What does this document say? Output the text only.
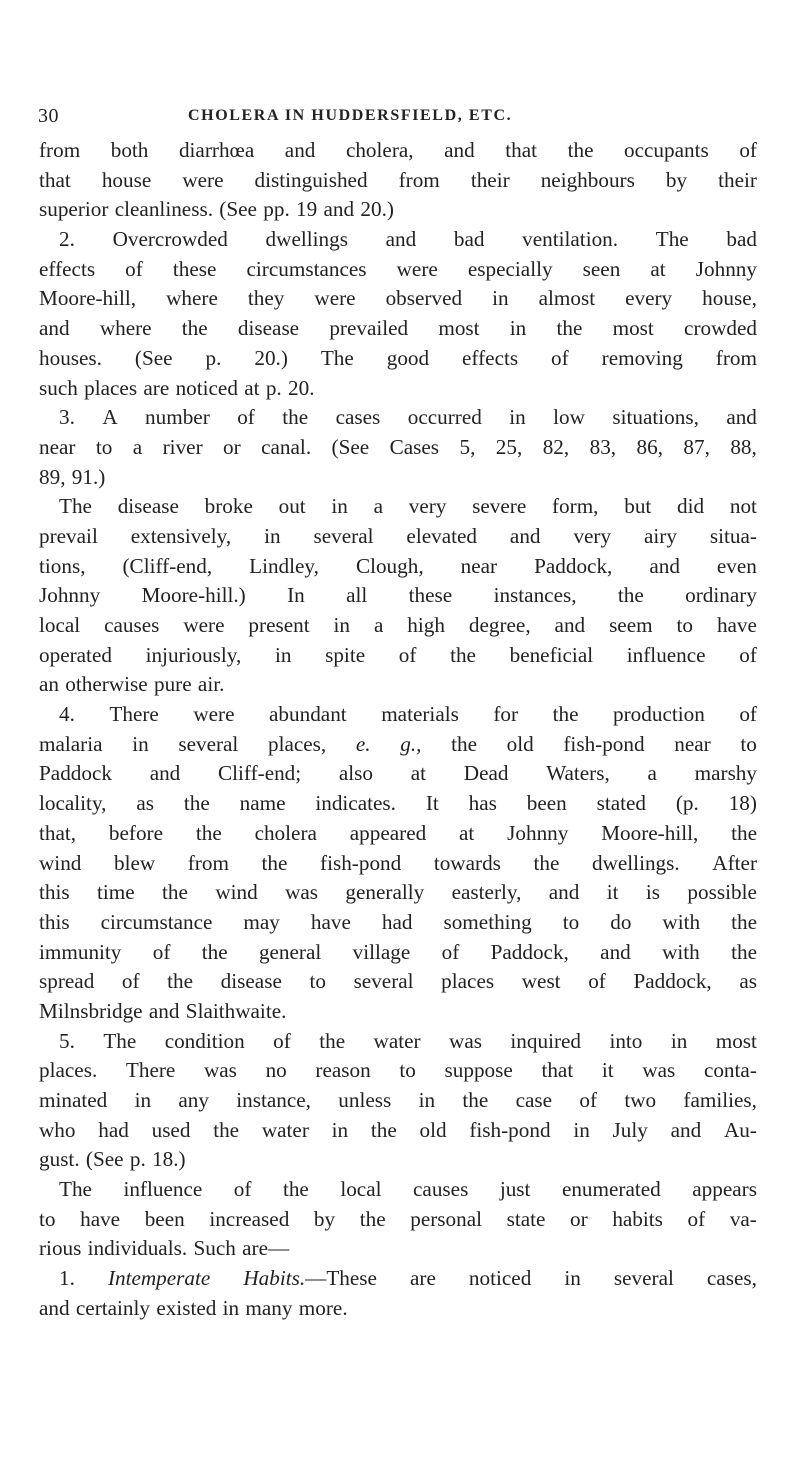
30	CHOLERA IN HUDDERSFIELD, ETC.
from both diarrhœa and cholera, and that the occupants of
that house were distinguished from their neighbours by their
superior cleanliness. (See pp. 19 and 20.)
2. Overcrowded dwellings and bad ventilation. The bad
effects of these circumstances were especially seen at Johnny
Moore-hill, where they were observed in almost every house,
and where the disease prevailed most in the most crowded
houses. (See p. 20.) The good effects of removing from
such places are noticed at p. 20.
3. A number of the cases occurred in low situations, and
near to a river or canal. (See Cases 5, 25, 82, 83, 86, 87, 88,
89, 91.)
The disease broke out in a very severe form, but did not
prevail extensively, in several elevated and very airy situa-
tions, (Cliff-end, Lindley, Clough, near Paddock, and even
Johnny Moore-hill.) In all these instances, the ordinary
local causes were present in a high degree, and seem to have
operated injuriously, in spite of the beneficial influence of
an otherwise pure air.
4. There were abundant materials for the production of
malaria in several places, e. g., the old fish-pond near to
Paddock and Cliff-end; also at Dead Waters, a marshy
locality, as the name indicates. It has been stated (p. 18)
that, before the cholera appeared at Johnny Moore-hill, the
wind blew from the fish-pond towards the dwellings. After
this time the wind was generally easterly, and it is possible
this circumstance may have had something to do with the
immunity of the general village of Paddock, and with the
spread of the disease to several places west of Paddock, as
Milnsbridge and Slaithwaite.
5. The condition of the water was inquired into in most
places. There was no reason to suppose that it was conta-
minated in any instance, unless in the case of two families,
who had used the water in the old fish-pond in July and Au-
gust. (See p. 18.)
The influence of the local causes just enumerated appears
to have been increased by the personal state or habits of va-
rious individuals. Such are—
1. Intemperate Habits.—These are noticed in several cases,
and certainly existed in many more.
